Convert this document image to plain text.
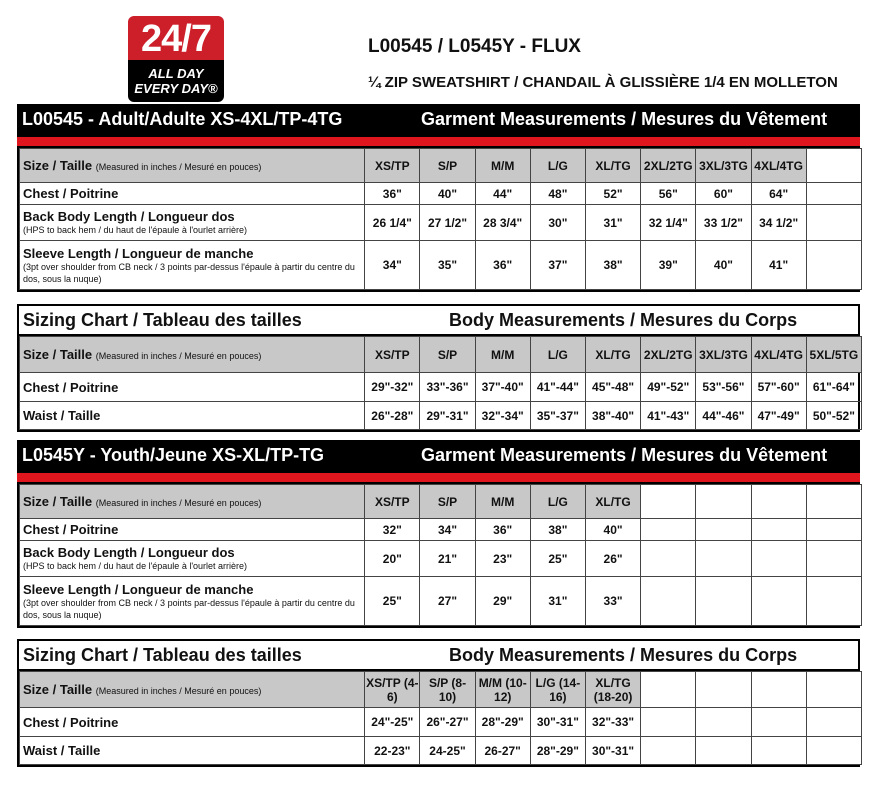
24/7
ALL DAY
EVERY DAY®
L00545 / L0545Y - FLUX
¼ ZIP SWEATSHIRT / CHANDAIL À GLISSIÈRE 1/4 EN MOLLETON
L00545 - Adult/Adulte XS-4XL/TP-4TG	Garment Measurements / Mesures du Vêtement
Size / Taille (Measured in inches / Mesuré en pouces)	XS/TP	S/P	M/M	L/G	XL/TG	2XL/2TG	3XL/3TG	4XL/4TG	
Chest / Poitrine	36"	40"	44"	48"	52"	56"	60"	64"	
Back Body Length / Longueur dos
(HPS to back hem / du haut de l'épaule à l'ourlet arrière)	26 1/4"	27 1/2"	28 3/4"	30"	31"	32 1/4"	33 1/2"	34 1/2"	
Sleeve Length / Longueur de manche
(3pt over shoulder from CB neck / 3 points par-dessus l'épaule à partir du centre du dos, sous la nuque)	34"	35"	36"	37"	38"	39"	40"	41"	
Sizing Chart / Tableau des tailles	Body Measurements / Mesures du Corps
Size / Taille (Measured in inches / Mesuré en pouces)	XS/TP	S/P	M/M	L/G	XL/TG	2XL/2TG	3XL/3TG	4XL/4TG	5XL/5TG
Chest / Poitrine	29"-32"	33"-36"	37"-40"	41"-44"	45"-48"	49"-52"	53"-56"	57"-60"	61"-64"
Waist / Taille	26"-28"	29"-31"	32"-34"	35"-37"	38"-40"	41"-43"	44"-46"	47"-49"	50"-52"
L0545Y - Youth/Jeune XS-XL/TP-TG	Garment Measurements / Mesures du Vêtement
Size / Taille (Measured in inches / Mesuré en pouces)	XS/TP	S/P	M/M	L/G	XL/TG				
Chest / Poitrine	32"	34"	36"	38"	40"				
Back Body Length / Longueur dos
(HPS to back hem / du haut de l'épaule à l'ourlet arrière)	20"	21"	23"	25"	26"				
Sleeve Length / Longueur de manche
(3pt over shoulder from CB neck / 3 points par-dessus l'épaule à partir du centre du dos, sous la nuque)	25"	27"	29"	31"	33"				
Sizing Chart / Tableau des tailles	Body Measurements / Mesures du Corps
Size / Taille (Measured in inches / Mesuré en pouces)	XS/TP (4-6)	S/P (8-10)	M/M (10-12)	L/G (14-16)	XL/TG (18-20)				
Chest / Poitrine	24"-25"	26"-27"	28"-29"	30"-31"	32"-33"				
Waist / Taille	22-23"	24-25"	26-27"	28"-29"	30"-31"				
